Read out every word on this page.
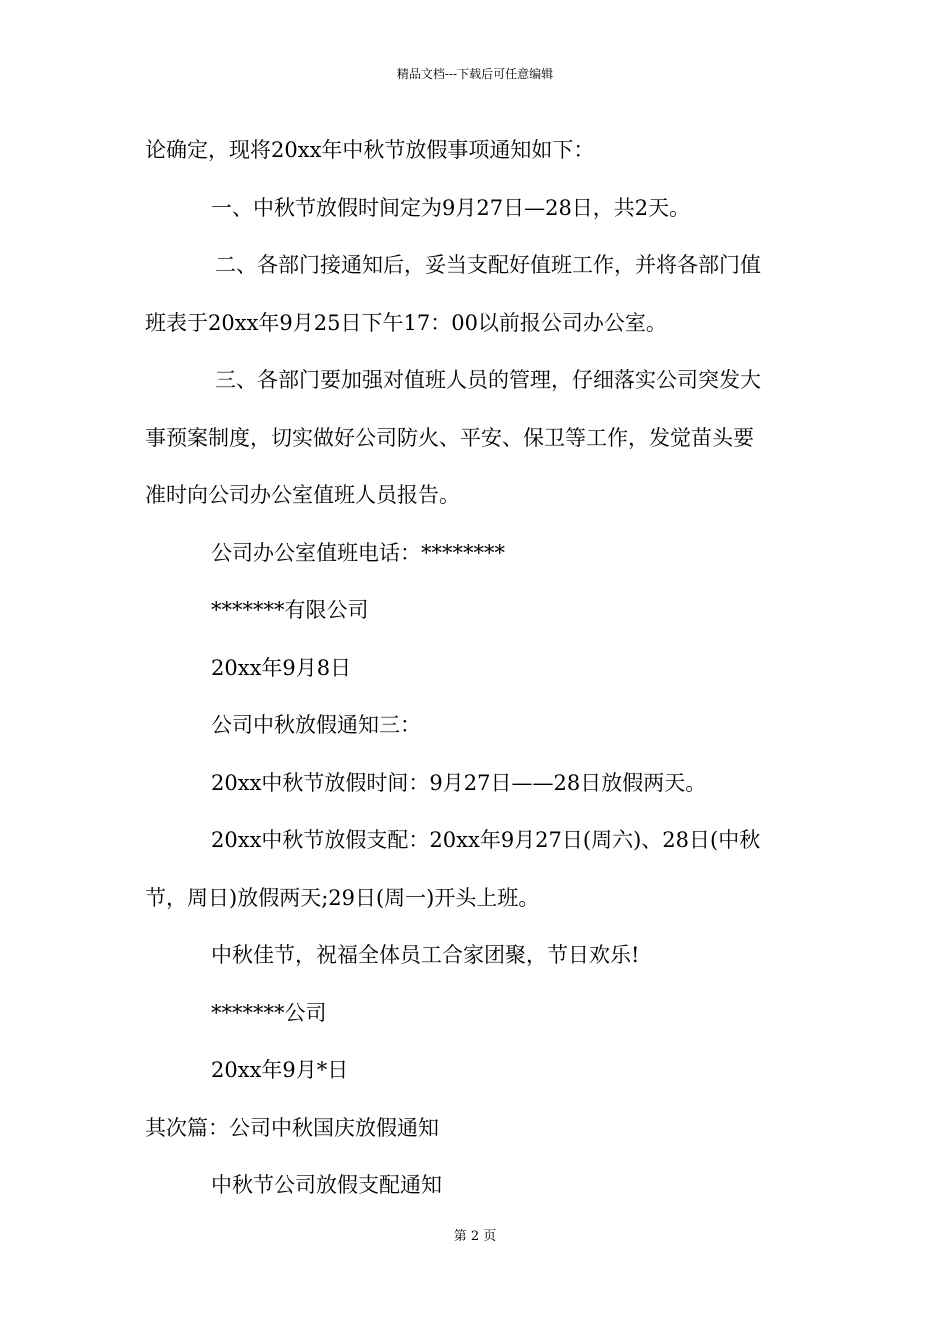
精品文档---下载后可任意编辑
论确定，现将20xx年中秋节放假事项通知如下：
一、中秋节放假时间定为9月27日—28日，共2天。
二、各部门接通知后，妥当支配好值班工作，并将各部门值
班表于20xx年9月25日下午17：00以前报公司办公室。
三、各部门要加强对值班人员的管理，仔细落实公司突发大
事预案制度，切实做好公司防火、平安、保卫等工作，发觉苗头要
准时向公司办公室值班人员报告。
公司办公室值班电话：********
*******有限公司
20xx年9月8日
公司中秋放假通知三：
20xx中秋节放假时间：9月27日——28日放假两天。
20xx中秋节放假支配：20xx年9月27日(周六)、28日(中秋
节，周日)放假两天;29日(周一)开头上班。
中秋佳节，祝福全体员工合家团聚，节日欢乐!
*******公司
20xx年9月*日
其次篇：公司中秋国庆放假通知
中秋节公司放假支配通知
第 2 页
